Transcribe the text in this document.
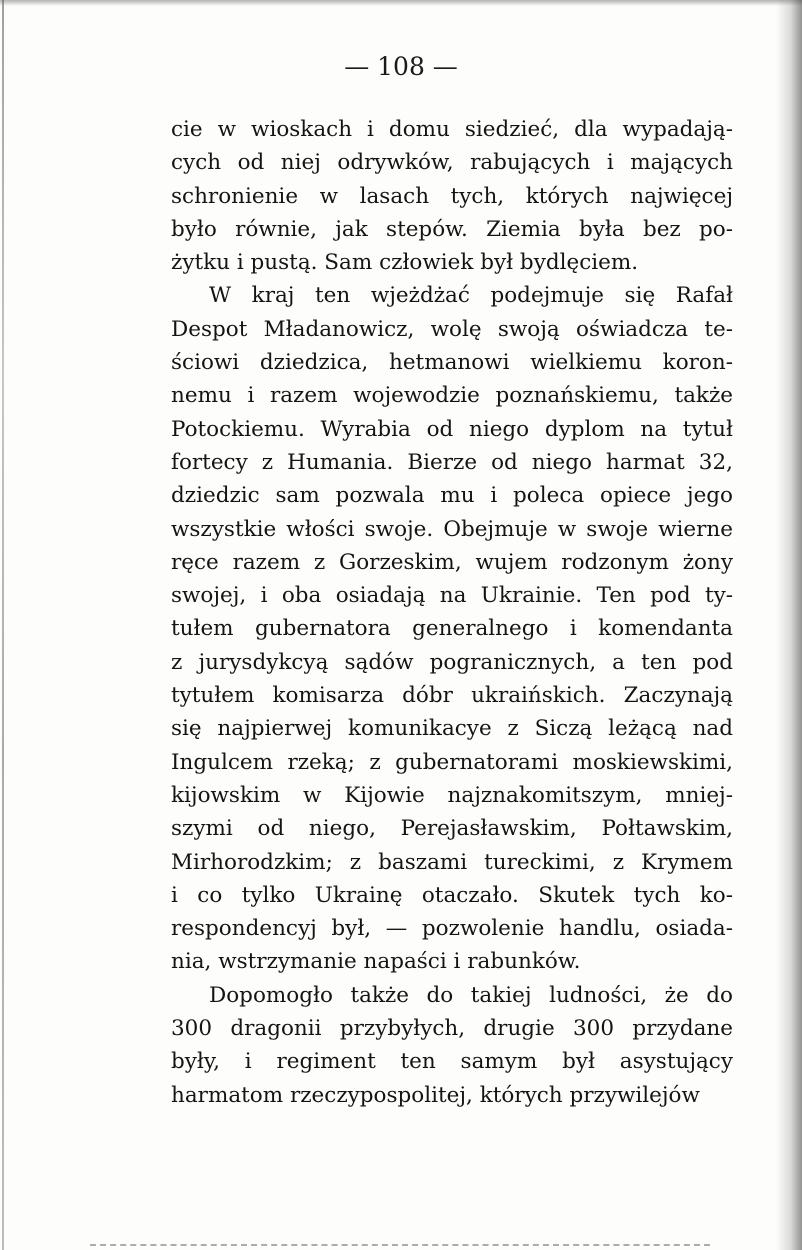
— 108 —
cie w wioskach i domu siedzieć, dla wypadają-
cych od niej odrywków, rabujących i mających
schronienie w lasach tych, których najwięcej
było równie, jak stepów. Ziemia była bez po-
żytku i pustą. Sam człowiek był bydlęciem.
W kraj ten wjeżdżać podejmuje się Rafał
Despot Mładanowicz, wolę swoją oświadcza te-
ściowi dziedzica, hetmanowi wielkiemu koron-
nemu i razem wojewodzie poznańskiemu, także
Potockiemu. Wyrabia od niego dyplom na tytuł
fortecy z Humania. Bierze od niego harmat 32,
dziedzic sam pozwala mu i poleca opiece jego
wszystkie włości swoje. Obejmuje w swoje wierne
ręce razem z Gorzeskim, wujem rodzonym żony
swojej, i oba osiadają na Ukrainie. Ten pod ty-
tułem gubernatora generalnego i komendanta
z jurysdykcyą sądów pogranicznych, a ten pod
tytułem komisarza dóbr ukraińskich. Zaczynają
się najpierwej komunikacye z Siczą leżącą nad
Ingulcem rzeką; z gubernatorami moskiewskimi,
kijowskim w Kijowie najznakomitszym, mniej-
szymi od niego, Perejasławskim, Połtawskim,
Mirhorodzkim; z baszami tureckimi, z Krymem
i co tylko Ukrainę otaczało. Skutek tych ko-
respondencyj był, — pozwolenie handlu, osiada-
nia, wstrzymanie napaści i rabunków.
Dopomogło także do takiej ludności, że do
300 dragonii przybyłych, drugie 300 przydane
były, i regiment ten samym był asystujący
harmatom rzeczypospolitej, których przywilejów
